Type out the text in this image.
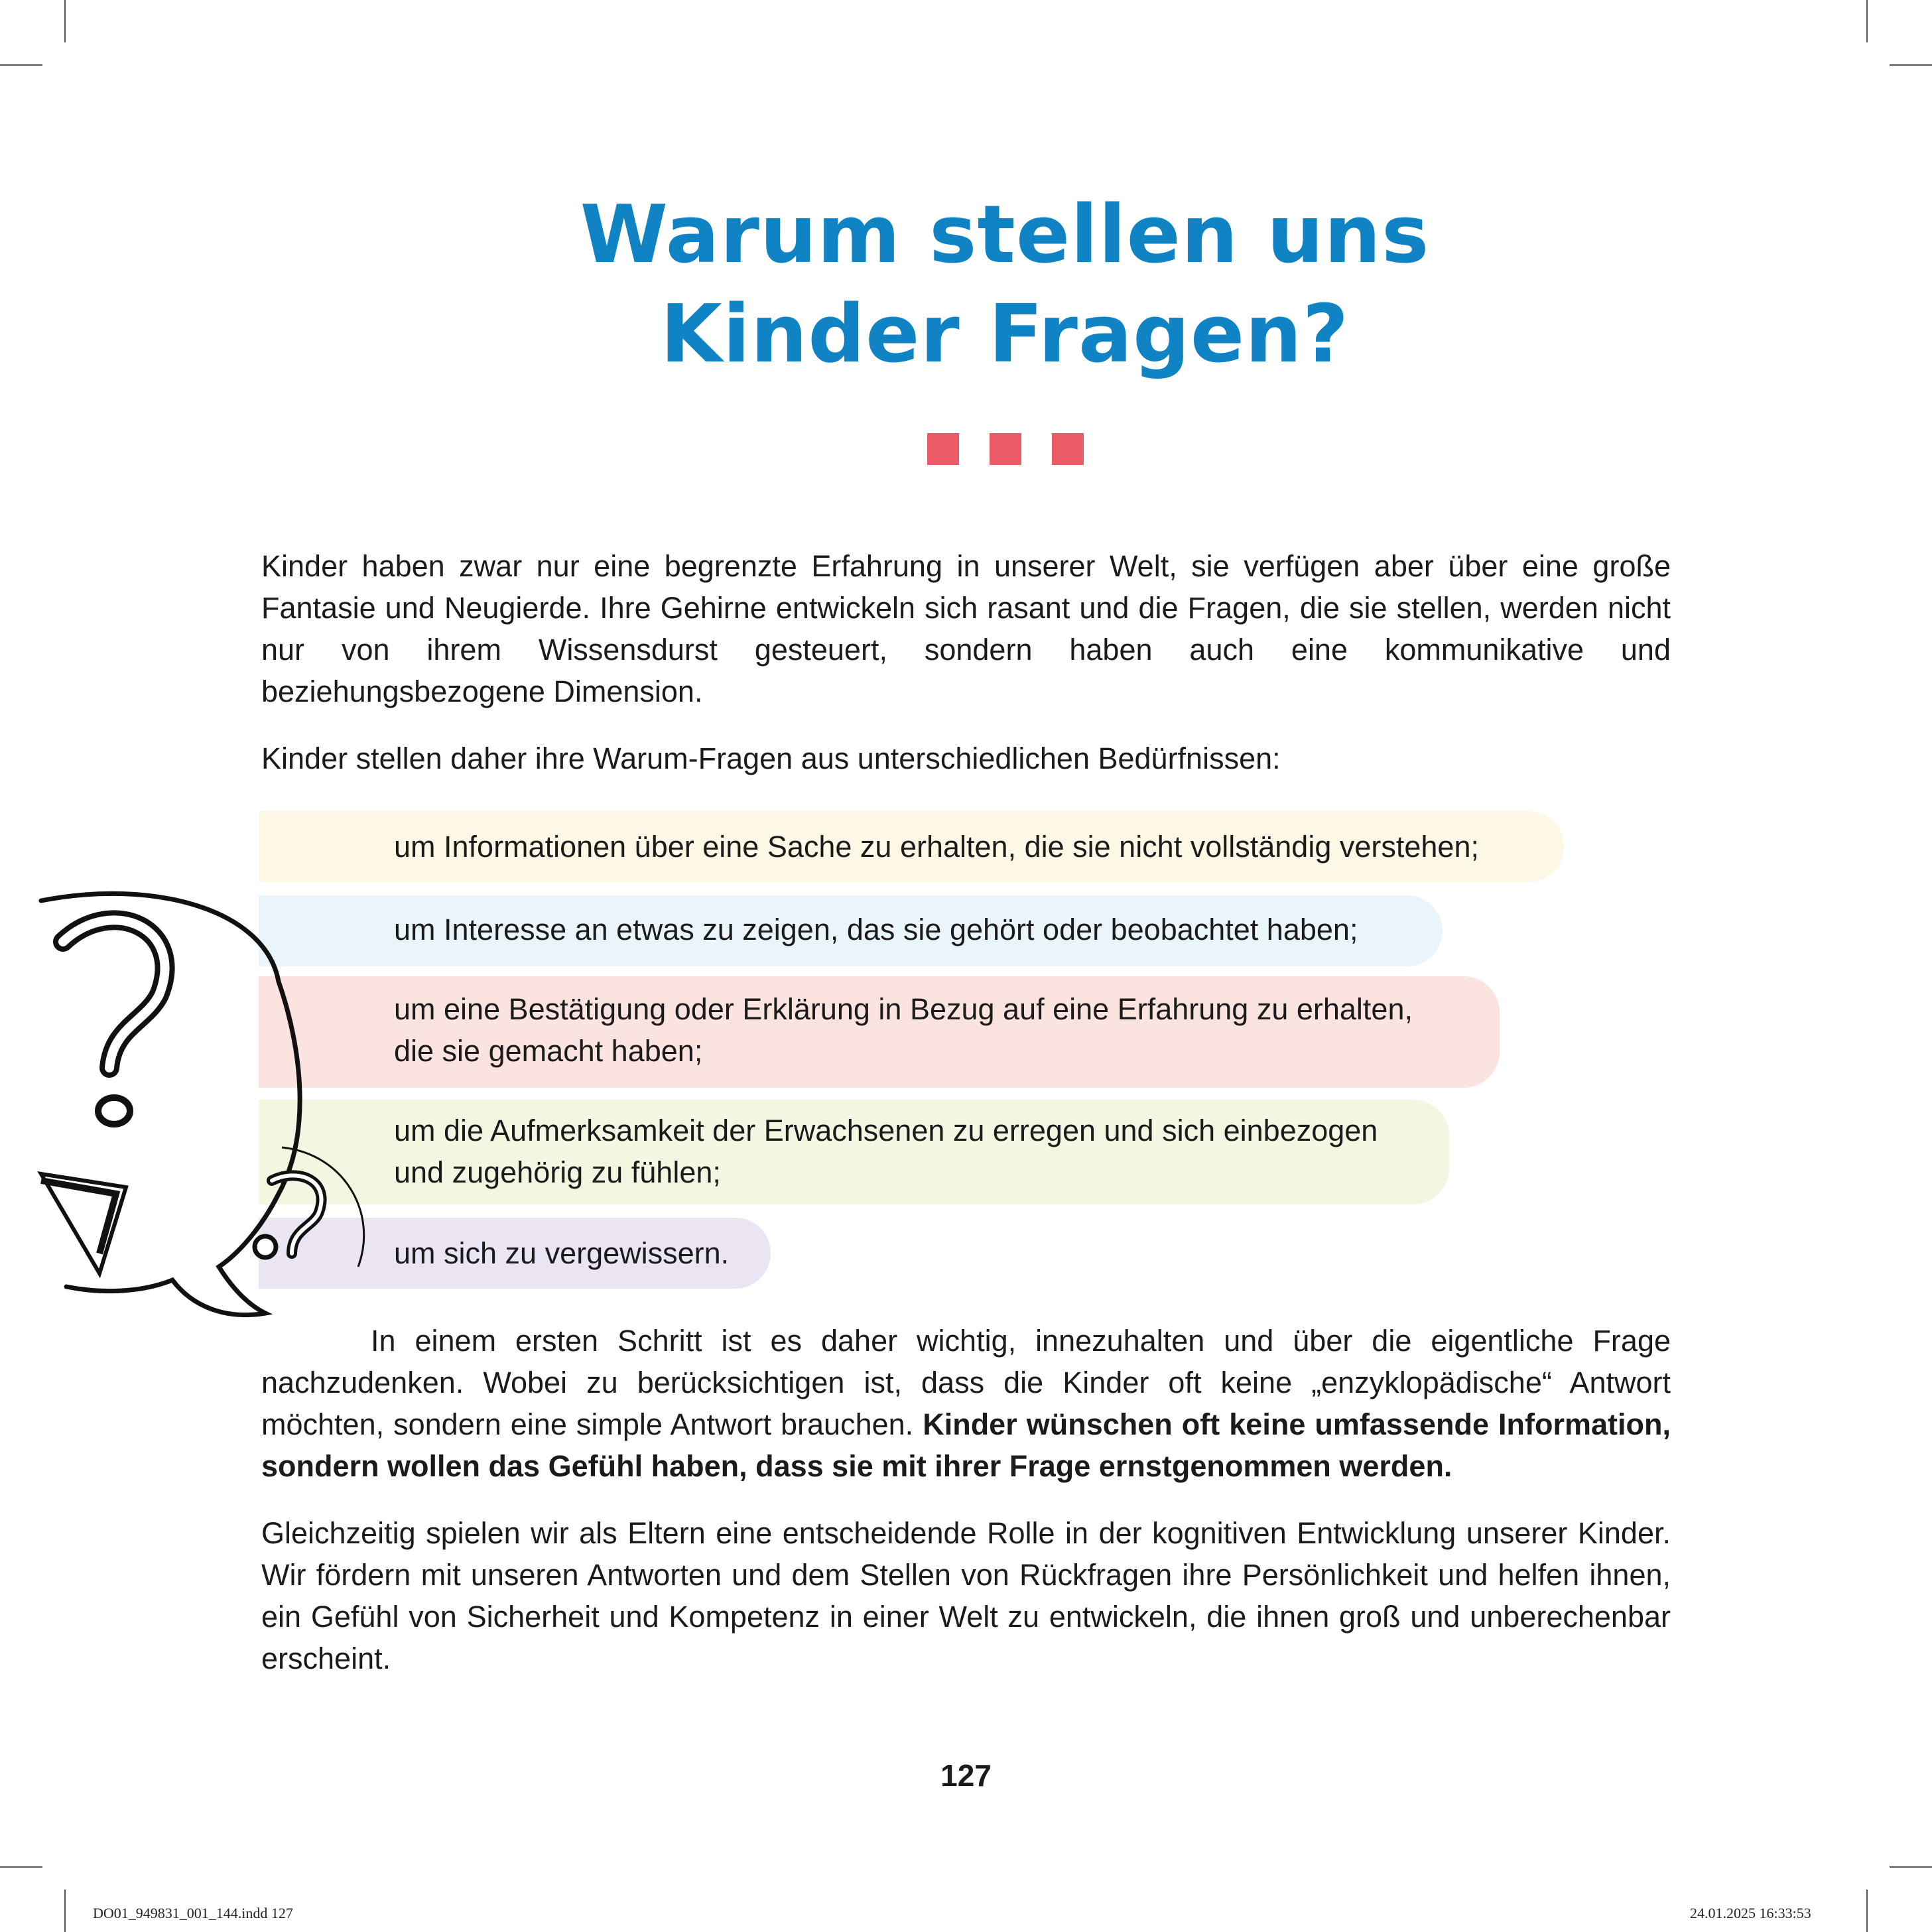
Warum stellen uns
Kinder Fragen?

Kinder haben zwar nur eine begrenzte Erfahrung in unserer Welt, sie verfügen aber über eine große Fantasie und Neugierde. Ihre Gehirne entwickeln sich rasant und die Fragen, die sie stellen, werden nicht nur von ihrem Wissensdurst gesteuert, sondern haben auch eine kommunikative und beziehungsbezogene Dimension.

Kinder stellen daher ihre Warum-Fragen aus unterschiedlichen Bedürfnissen:

um Informationen über eine Sache zu erhalten, die sie nicht vollständig verstehen;
um Interesse an etwas zu zeigen, das sie gehört oder beobachtet haben;
um eine Bestätigung oder Erklärung in Bezug auf eine Erfahrung zu erhalten,
die sie gemacht haben;
um die Aufmerksamkeit der Erwachsenen zu erregen und sich einbezogen
und zugehörig zu fühlen;
um sich zu vergewissern.

In einem ersten Schritt ist es daher wichtig, innezuhalten und über die eigentliche Frage nachzudenken. Wobei zu berücksichtigen ist, dass die Kinder oft keine „enzyklopädische“ Antwort möchten, sondern eine simple Antwort brauchen. Kinder wünschen oft keine umfassende Information, sondern wollen das Gefühl haben, dass sie mit ihrer Frage ernstgenommen werden.

Gleichzeitig spielen wir als Eltern eine entscheidende Rolle in der kognitiven Entwicklung unserer Kinder. Wir fördern mit unseren Antworten und dem Stellen von Rückfragen ihre Persönlichkeit und helfen ihnen, ein Gefühl von Sicherheit und Kompetenz in einer Welt zu entwickeln, die ihnen groß und unberechenbar erscheint.

127
DO01_949831_001_144.indd 127	24.01.2025 16:33:53
